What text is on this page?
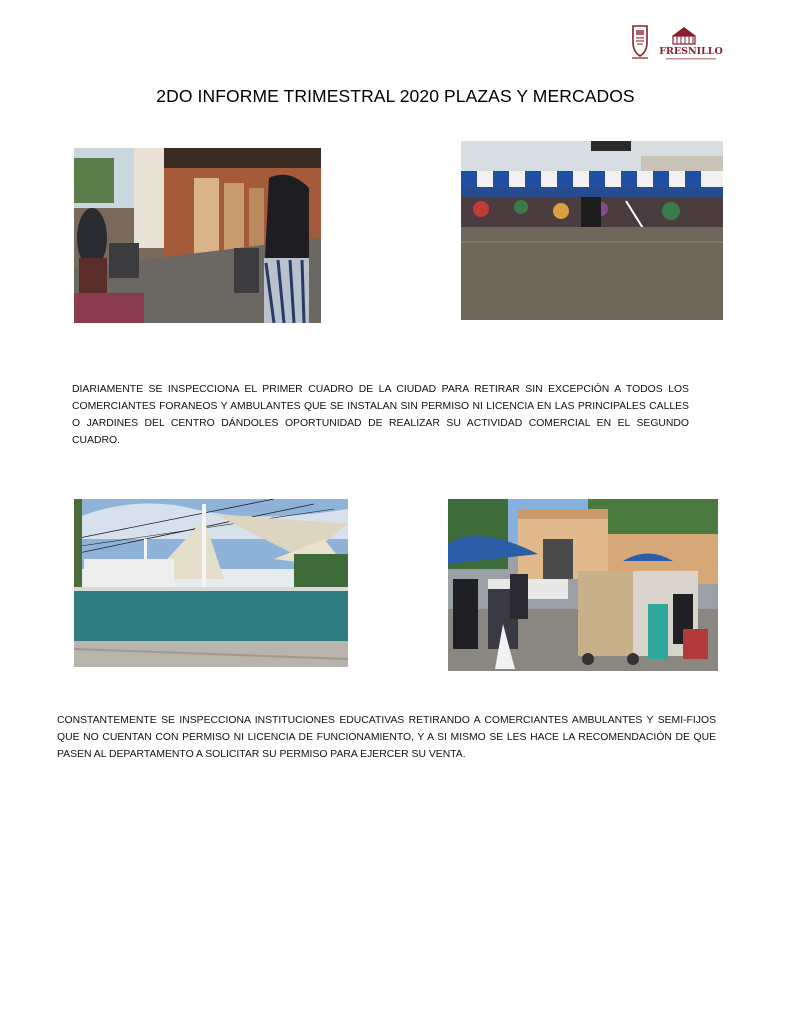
FRESNILLO
2DO INFORME TRIMESTRAL 2020 PLAZAS Y MERCADOS
DIARIAMENTE SE INSPECCIONA EL PRIMER CUADRO DE LA CIUDAD PARA RETIRAR SIN EXCEPCIÓN A TODOS LOS COMERCIANTES FORANEOS Y AMBULANTES QUE SE INSTALAN SIN PERMISO NI LICENCIA EN LAS PRINCIPALES CALLES O JARDINES DEL CENTRO DÁNDOLES OPORTUNIDAD DE REALIZAR SU ACTIVIDAD COMERCIAL EN EL SEGUNDO CUADRO.
CONSTANTEMENTE SE INSPECCIONA INSTITUCIONES EDUCATIVAS RETIRANDO A COMERCIANTES AMBULANTES Y SEMI-FIJOS QUE NO CUENTAN CON PERMISO NI LICENCIA DE FUNCIONAMIENTO, Y A SI MISMO SE LES HACE LA RECOMENDACIÓN DE QUE PASEN AL DEPARTAMENTO A SOLICITAR SU PERMISO PARA EJERCER SU VENTA.
